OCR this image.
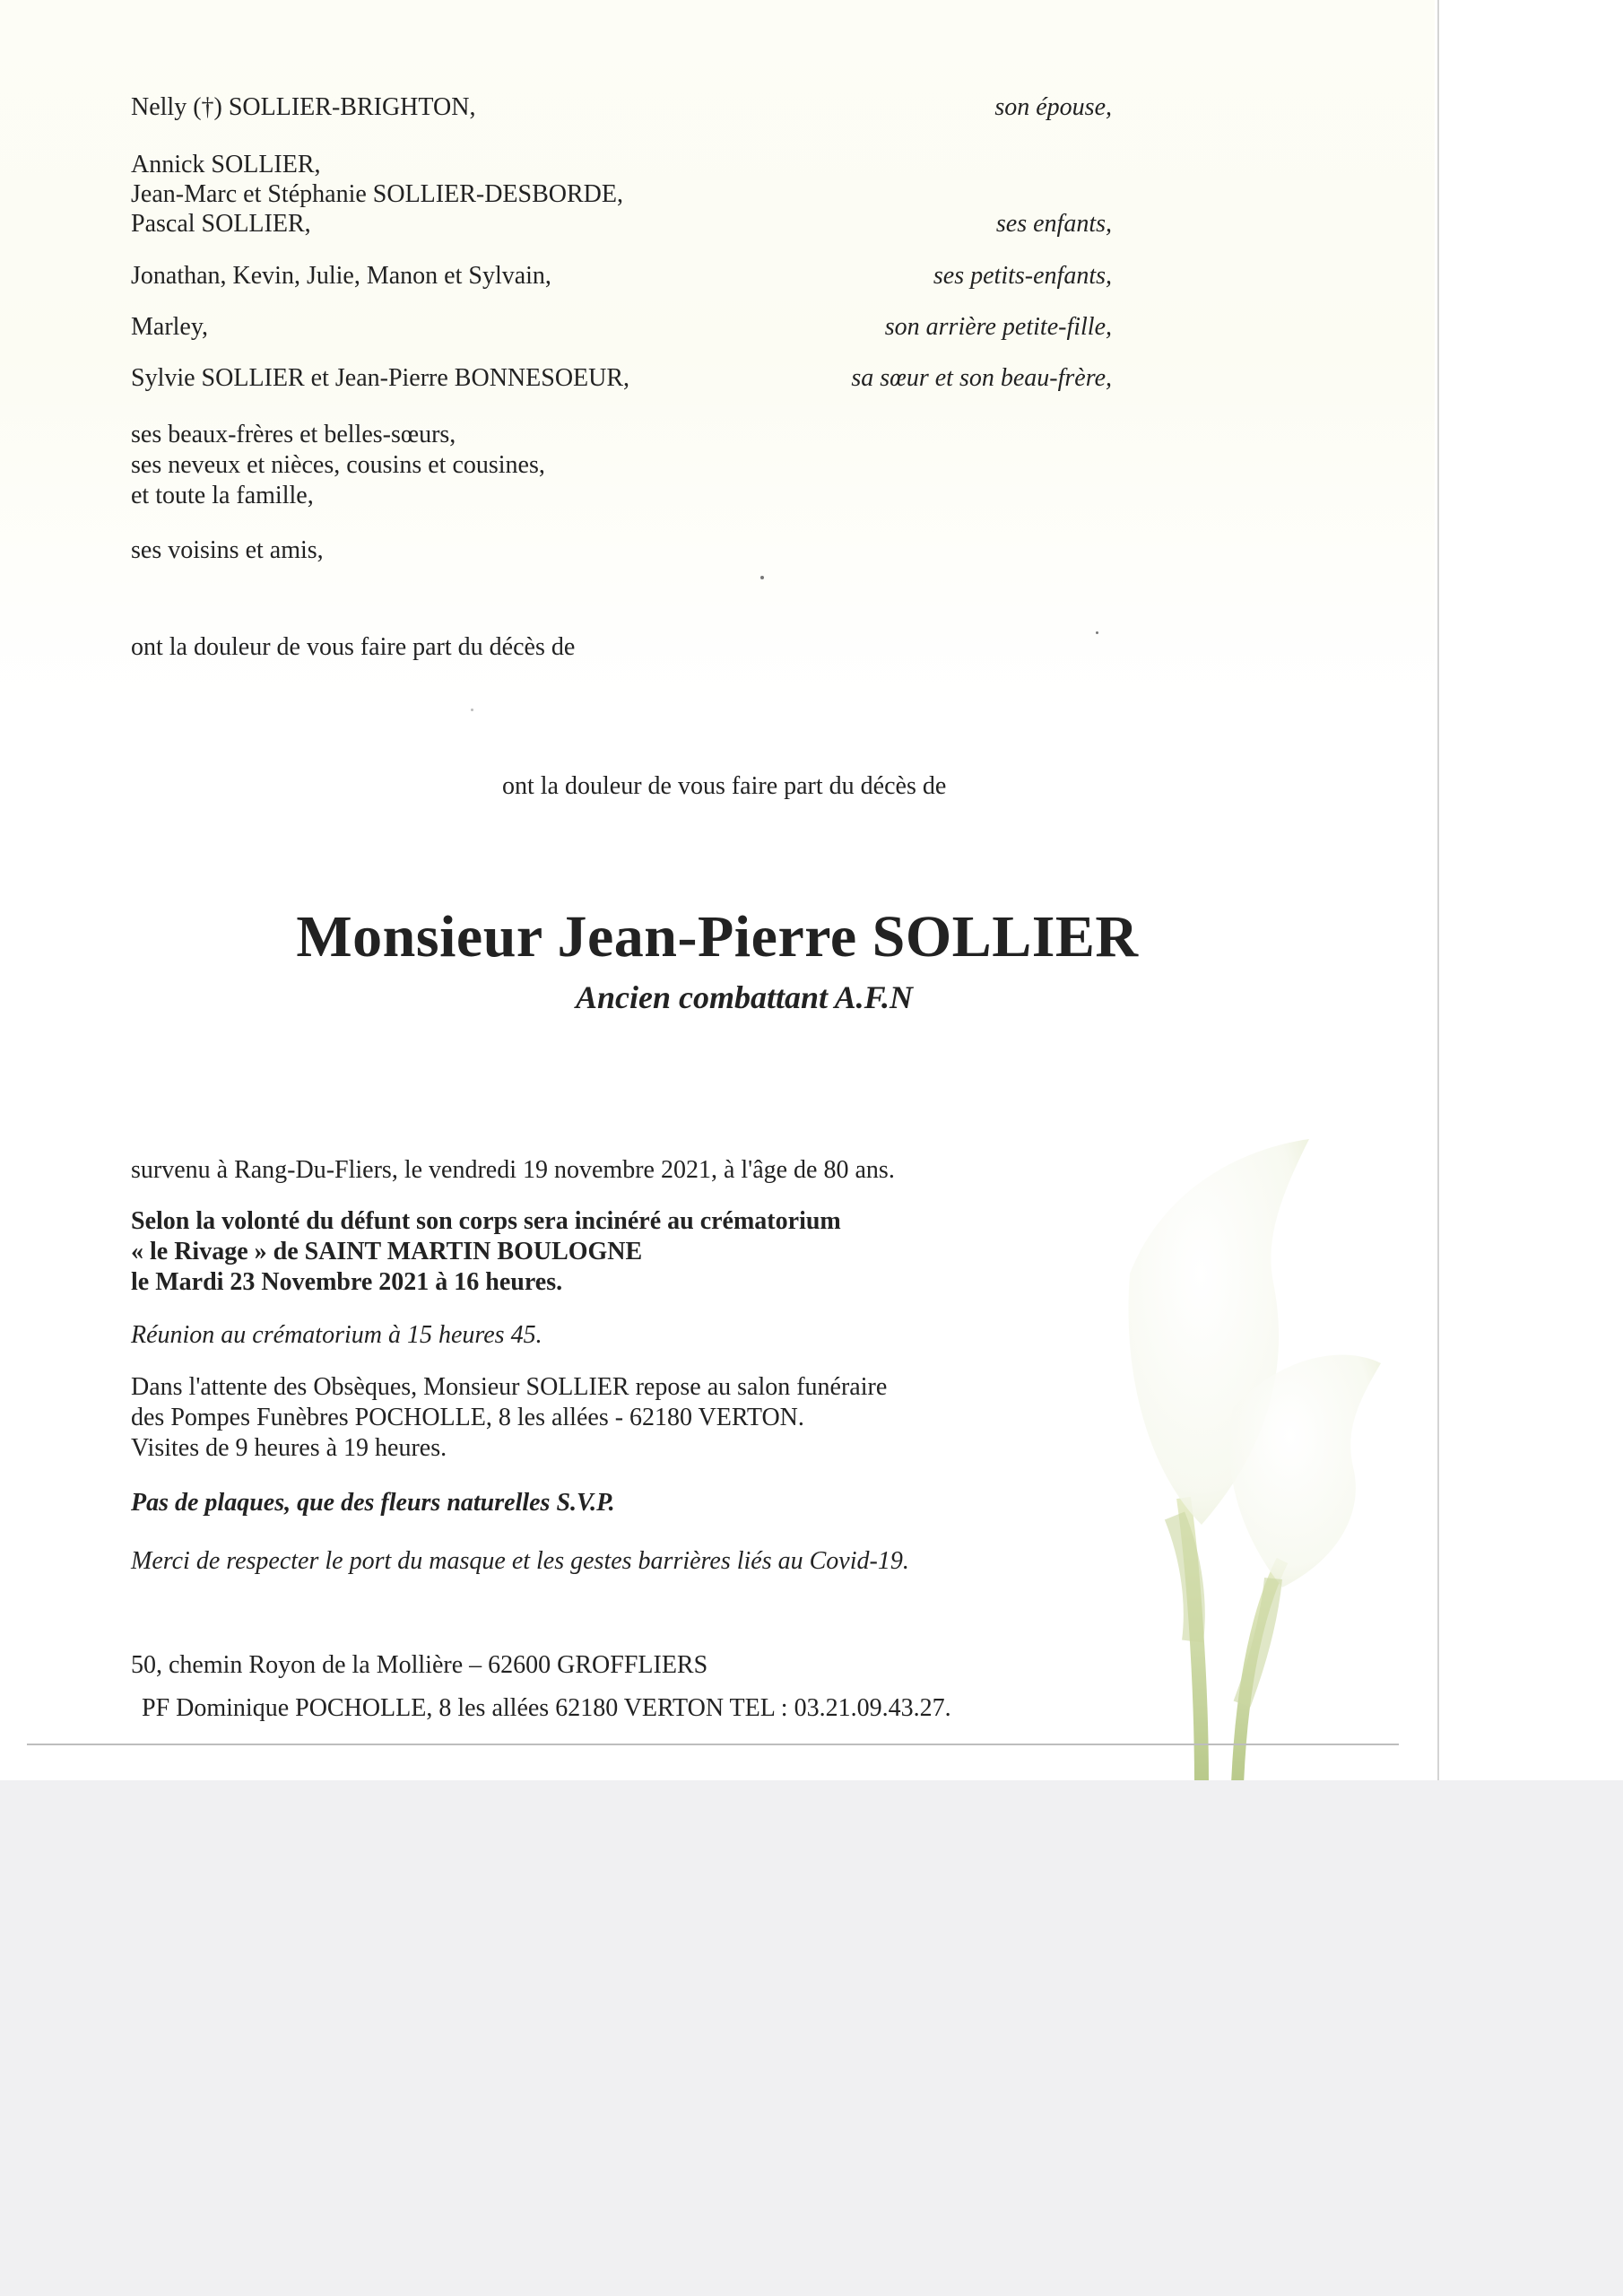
Nelly (†) SOLLIER-BRIGHTON,	son épouse,
Annick SOLLIER,
Jean-Marc et Stéphanie SOLLIER-DESBORDE,
Pascal SOLLIER,	ses enfants,
Jonathan, Kevin, Julie, Manon et Sylvain,	ses petits-enfants,
Marley,	son arrière petite-fille,
Sylvie SOLLIER et Jean-Pierre BONNESOEUR,	sa sœur et son beau-frère,
ses beaux-frères et belles-sœurs,
ses neveux et nièces, cousins et cousines,
et toute la famille,
ses voisins et amis,
ont la douleur de vous faire part du décès de
ont la douleur de vous faire part du décès de
Monsieur Jean-Pierre SOLLIER
Ancien combattant A.F.N
survenu à Rang-Du-Fliers, le vendredi 19 novembre 2021, à l'âge de 80 ans.
Selon la volonté du défunt son corps sera incinéré au crématorium
« le Rivage » de SAINT MARTIN BOULOGNE
le Mardi 23 Novembre 2021 à 16 heures.
Réunion au crématorium à 15 heures 45.
Dans l'attente des Obsèques, Monsieur SOLLIER repose au salon funéraire
des Pompes Funèbres POCHOLLE, 8 les allées - 62180 VERTON.
Visites de 9 heures à 19 heures.
Pas de plaques, que des fleurs naturelles S.V.P.
Merci de respecter le port du masque et les gestes barrières liés au Covid-19.
50, chemin Royon de la Mollière – 62600 GROFFLIERS
PF Dominique POCHOLLE, 8 les allées 62180 VERTON TEL : 03.21.09.43.27.
